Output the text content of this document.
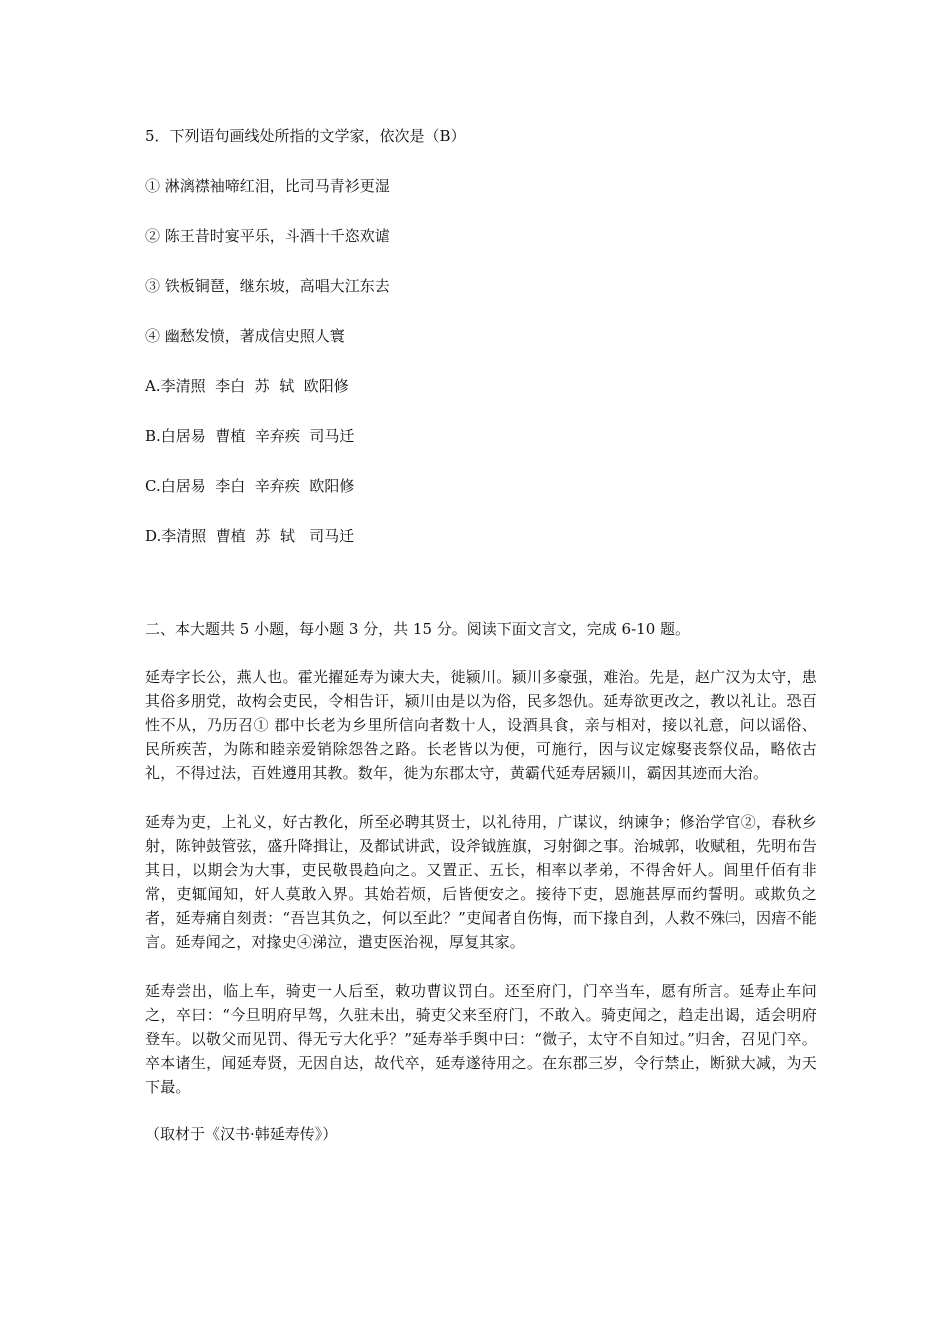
5．下列语句画线处所指的文学家，依次是（B）
① 淋漓襟袖啼红泪，比司马青衫更湿
② 陈王昔时宴平乐，斗酒十千恣欢谑
③ 铁板铜琶，继东坡，高唱大江东去
④ 幽愁发愤，著成信史照人寰
A.李清照  李白  苏  轼  欧阳修
B.白居易  曹植  辛弃疾  司马迁
C.白居易  李白  辛弃疾  欧阳修
D.李清照  曹植  苏  轼   司马迁
二、本大题共 5 小题，每小题 3 分，共 15 分。阅读下面文言文，完成 6-10 题。

延寿字长公，燕人也。霍光擢延寿为谏大夫，徙颍川。颍川多豪强，难治。先是，赵广汉为太守，患其俗多朋党，故构会吏民，令相告讦，颍川由是以为俗，民多怨仇。延寿欲更改之，教以礼让。恐百性不从，乃历召① 郡中长老为乡里所信向者数十人，设酒具食，亲与相对，接以礼意，问以谣俗、民所疾苦，为陈和睦亲爱销除怨咎之路。长老皆以为便，可施行，因与议定嫁娶丧祭仪品，略依古礼，不得过法，百姓遵用其教。数年，徙为东郡太守，黄霸代延寿居颍川，霸因其迹而大治。

延寿为吏，上礼义，好古教化，所至必聘其贤士，以礼待用，广谋议，纳谏争；修治学官②，春秋乡射，陈钟鼓管弦，盛升降揖让，及都试讲武，设斧钺旌旗，习射御之事。治城郭，收赋租，先明布告其日，以期会为大事，吏民敬畏趋向之。又置正、五长，相率以孝弟，不得舍奸人。闾里仟佰有非常，吏辄闻知，奸人莫敢入界。其始若烦，后皆便安之。接待下吏，恩施甚厚而约誓明。或欺负之者，延寿痛自刻责：“吾岂其负之，何以至此？”吏闻者自伤悔，而下掾自刭，人救不殊㈢，因瘖不能言。延寿闻之，对掾史④涕泣，遣吏医治视，厚复其家。

延寿尝出，临上车，骑吏一人后至，敕功曹议罚白。还至府门，门卒当车，愿有所言。延寿止车问之，卒曰：“今旦明府早驾，久驻未出，骑吏父来至府门，不敢入。骑吏闻之，趋走出谒，适会明府登车。以敬父而见罚、得无亏大化乎？”延寿举手舆中曰：“微子，太守不自知过。”归舍，召见门卒。卒本诸生，闻延寿贤，无因自达，故代卒，延寿遂待用之。在东郡三岁，令行禁止，断狱大减，为天下最。

（取材于《汉书·韩延寿传》）
